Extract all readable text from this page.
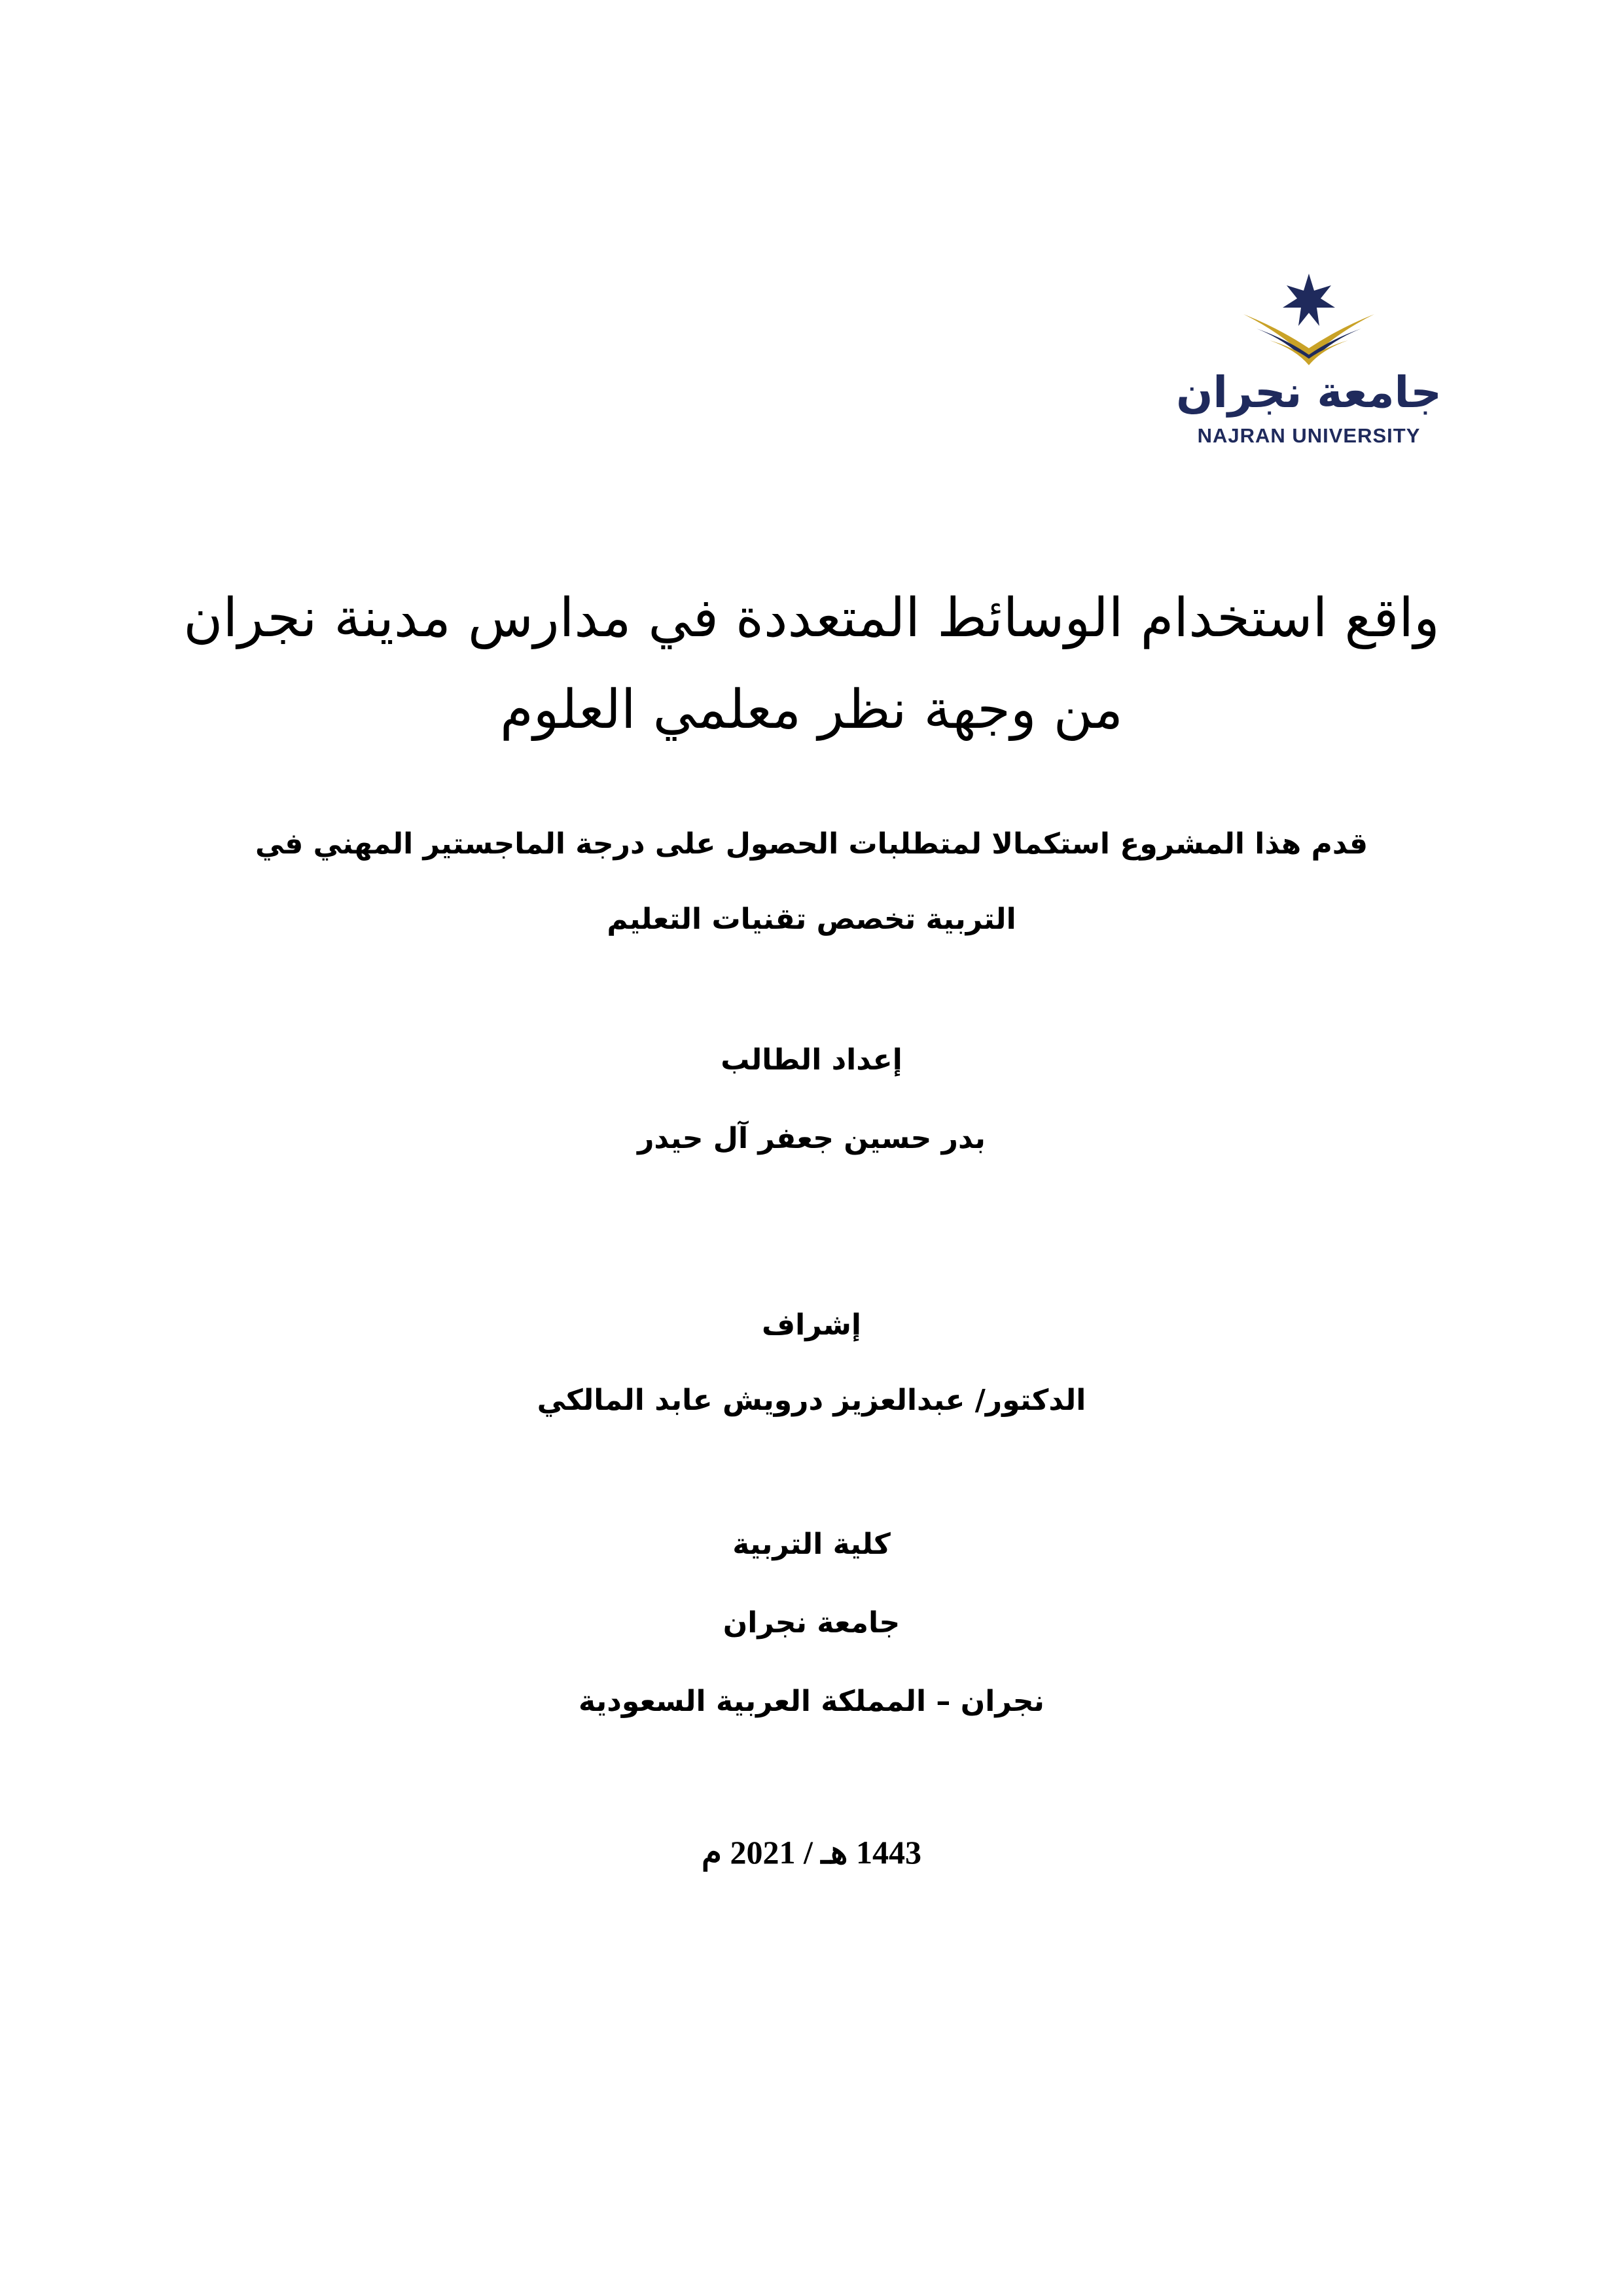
جامعة نجران
NAJRAN UNIVERSITY
واقع استخدام الوسائط المتعددة في مدارس مدينة نجران
من وجهة نظر معلمي العلوم
قدم هذا المشروع استكمالا لمتطلبات الحصول على درجة الماجستير المهني في
التربية تخصص تقنيات التعليم
إعداد الطالب
بدر حسين جعفر آل حيدر
إشراف
الدكتور/ عبدالعزيز درويش عابد المالكي
كلية التربية
جامعة نجران
نجران – المملكة العربية السعودية
1443 هـ / 2021 م
